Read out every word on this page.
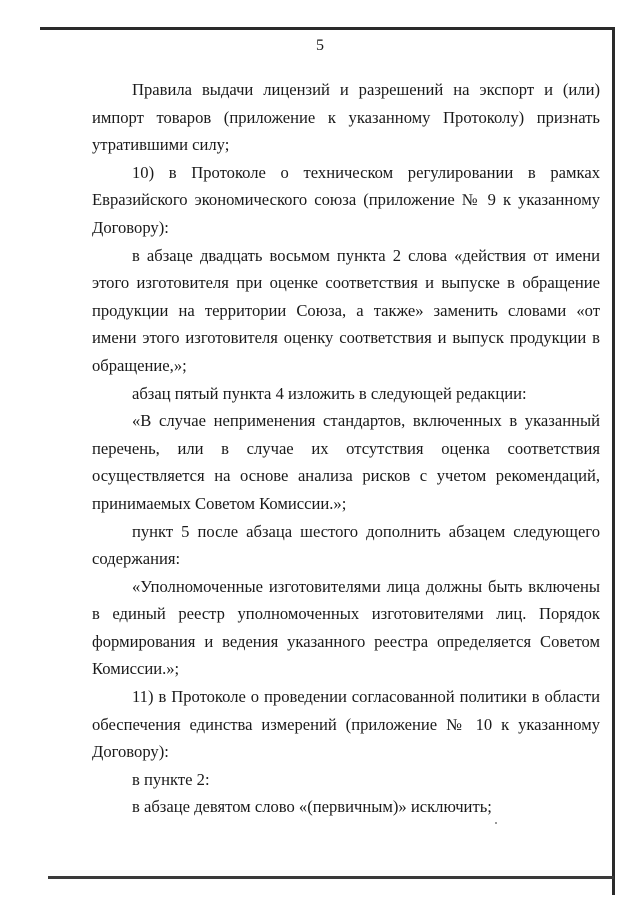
5

Правила выдачи лицензий и разрешений на экспорт и (или) импорт товаров (приложение к указанному Протоколу) признать утратившими силу;

10) в Протоколе о техническом регулировании в рамках Евразийского экономического союза (приложение № 9 к указанному Договору):

в абзаце двадцать восьмом пункта 2 слова «действия от имени этого изготовителя при оценке соответствия и выпуске в обращение продукции на территории Союза, а также» заменить словами «от имени этого изготовителя оценку соответствия и выпуск продукции в обращение,»;

абзац пятый пункта 4 изложить в следующей редакции:

«В случае неприменения стандартов, включенных в указанный перечень, или в случае их отсутствия оценка соответствия осуществляется на основе анализа рисков с учетом рекомендаций, принимаемых Советом Комиссии.»;

пункт 5 после абзаца шестого дополнить абзацем следующего содержания:

«Уполномоченные изготовителями лица должны быть включены в единый реестр уполномоченных изготовителями лиц. Порядок формирования и ведения указанного реестра определяется Советом Комиссии.»;

11) в Протоколе о проведении согласованной политики в области обеспечения единства измерений (приложение № 10 к указанному Договору):

в пункте 2:

в абзаце девятом слово «(первичным)» исключить;
